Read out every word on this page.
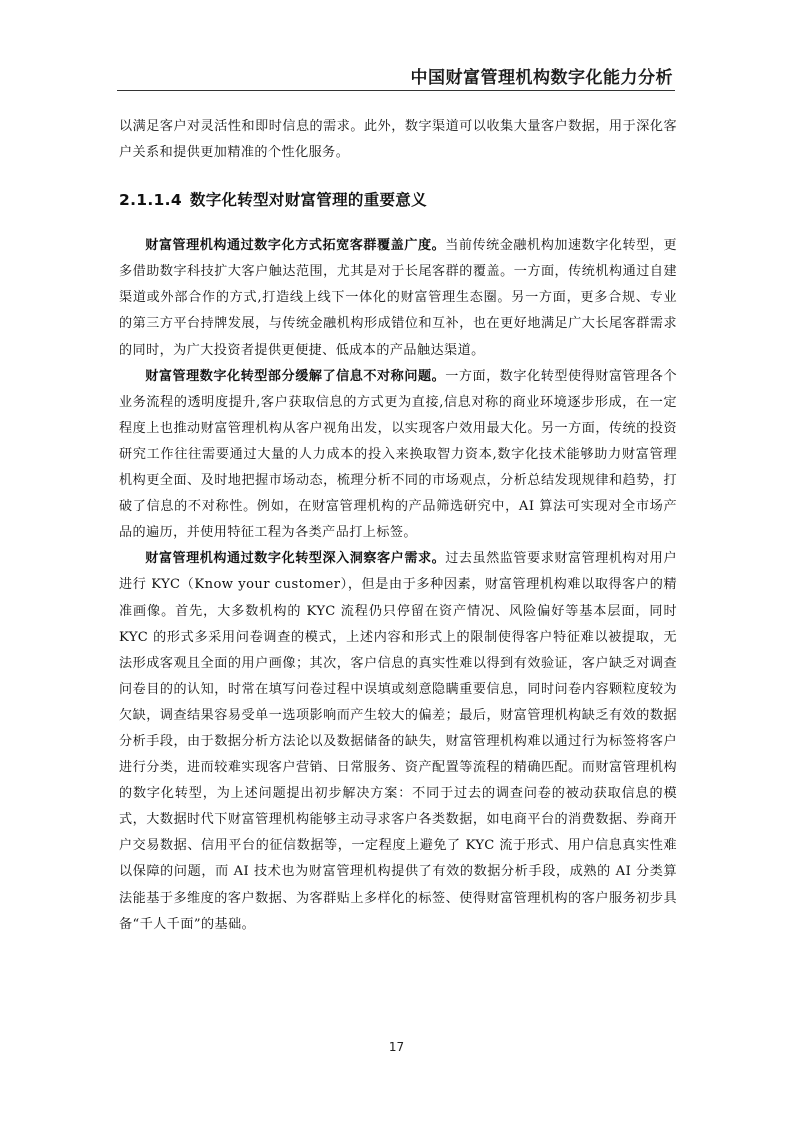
中国财富管理机构数字化能力分析

以满足客户对灵活性和即时信息的需求。此外，数字渠道可以收集大量客户数据，用于深化客户关系和提供更加精准的个性化服务。

2.1.1.4 数字化转型对财富管理的重要意义

财富管理机构通过数字化方式拓宽客群覆盖广度。当前传统金融机构加速数字化转型，更多借助数字科技扩大客户触达范围，尤其是对于长尾客群的覆盖。一方面，传统机构通过自建渠道或外部合作的方式,打造线上线下一体化的财富管理生态圈。另一方面，更多合规、专业的第三方平台持牌发展，与传统金融机构形成错位和互补，也在更好地满足广大长尾客群需求的同时，为广大投资者提供更便捷、低成本的产品触达渠道。

财富管理数字化转型部分缓解了信息不对称问题。一方面，数字化转型使得财富管理各个业务流程的透明度提升,客户获取信息的方式更为直接,信息对称的商业环境逐步形成，在一定程度上也推动财富管理机构从客户视角出发，以实现客户效用最大化。另一方面，传统的投资研究工作往往需要通过大量的人力成本的投入来换取智力资本,数字化技术能够助力财富管理机构更全面、及时地把握市场动态，梳理分析不同的市场观点，分析总结发现规律和趋势，打破了信息的不对称性。例如，在财富管理机构的产品筛选研究中，AI 算法可实现对全市场产品的遍历，并使用特征工程为各类产品打上标签。

财富管理机构通过数字化转型深入洞察客户需求。过去虽然监管要求财富管理机构对用户进行 KYC（Know your customer），但是由于多种因素，财富管理机构难以取得客户的精准画像。首先，大多数机构的 KYC 流程仍只停留在资产情况、风险偏好等基本层面，同时KYC 的形式多采用问卷调查的模式，上述内容和形式上的限制使得客户特征难以被提取，无法形成客观且全面的用户画像；其次，客户信息的真实性难以得到有效验证，客户缺乏对调查问卷目的的认知，时常在填写问卷过程中误填或刻意隐瞒重要信息，同时问卷内容颗粒度较为欠缺，调查结果容易受单一选项影响而产生较大的偏差；最后，财富管理机构缺乏有效的数据分析手段，由于数据分析方法论以及数据储备的缺失，财富管理机构难以通过行为标签将客户进行分类，进而较难实现客户营销、日常服务、资产配置等流程的精确匹配。而财富管理机构的数字化转型，为上述问题提出初步解决方案：不同于过去的调查问卷的被动获取信息的模式，大数据时代下财富管理机构能够主动寻求客户各类数据，如电商平台的消费数据、券商开户交易数据、信用平台的征信数据等，一定程度上避免了 KYC 流于形式、用户信息真实性难以保障的问题，而 AI 技术也为财富管理机构提供了有效的数据分析手段，成熟的 AI 分类算法能基于多维度的客户数据、为客群贴上多样化的标签、使得财富管理机构的客户服务初步具备“千人千面”的基础。

17
